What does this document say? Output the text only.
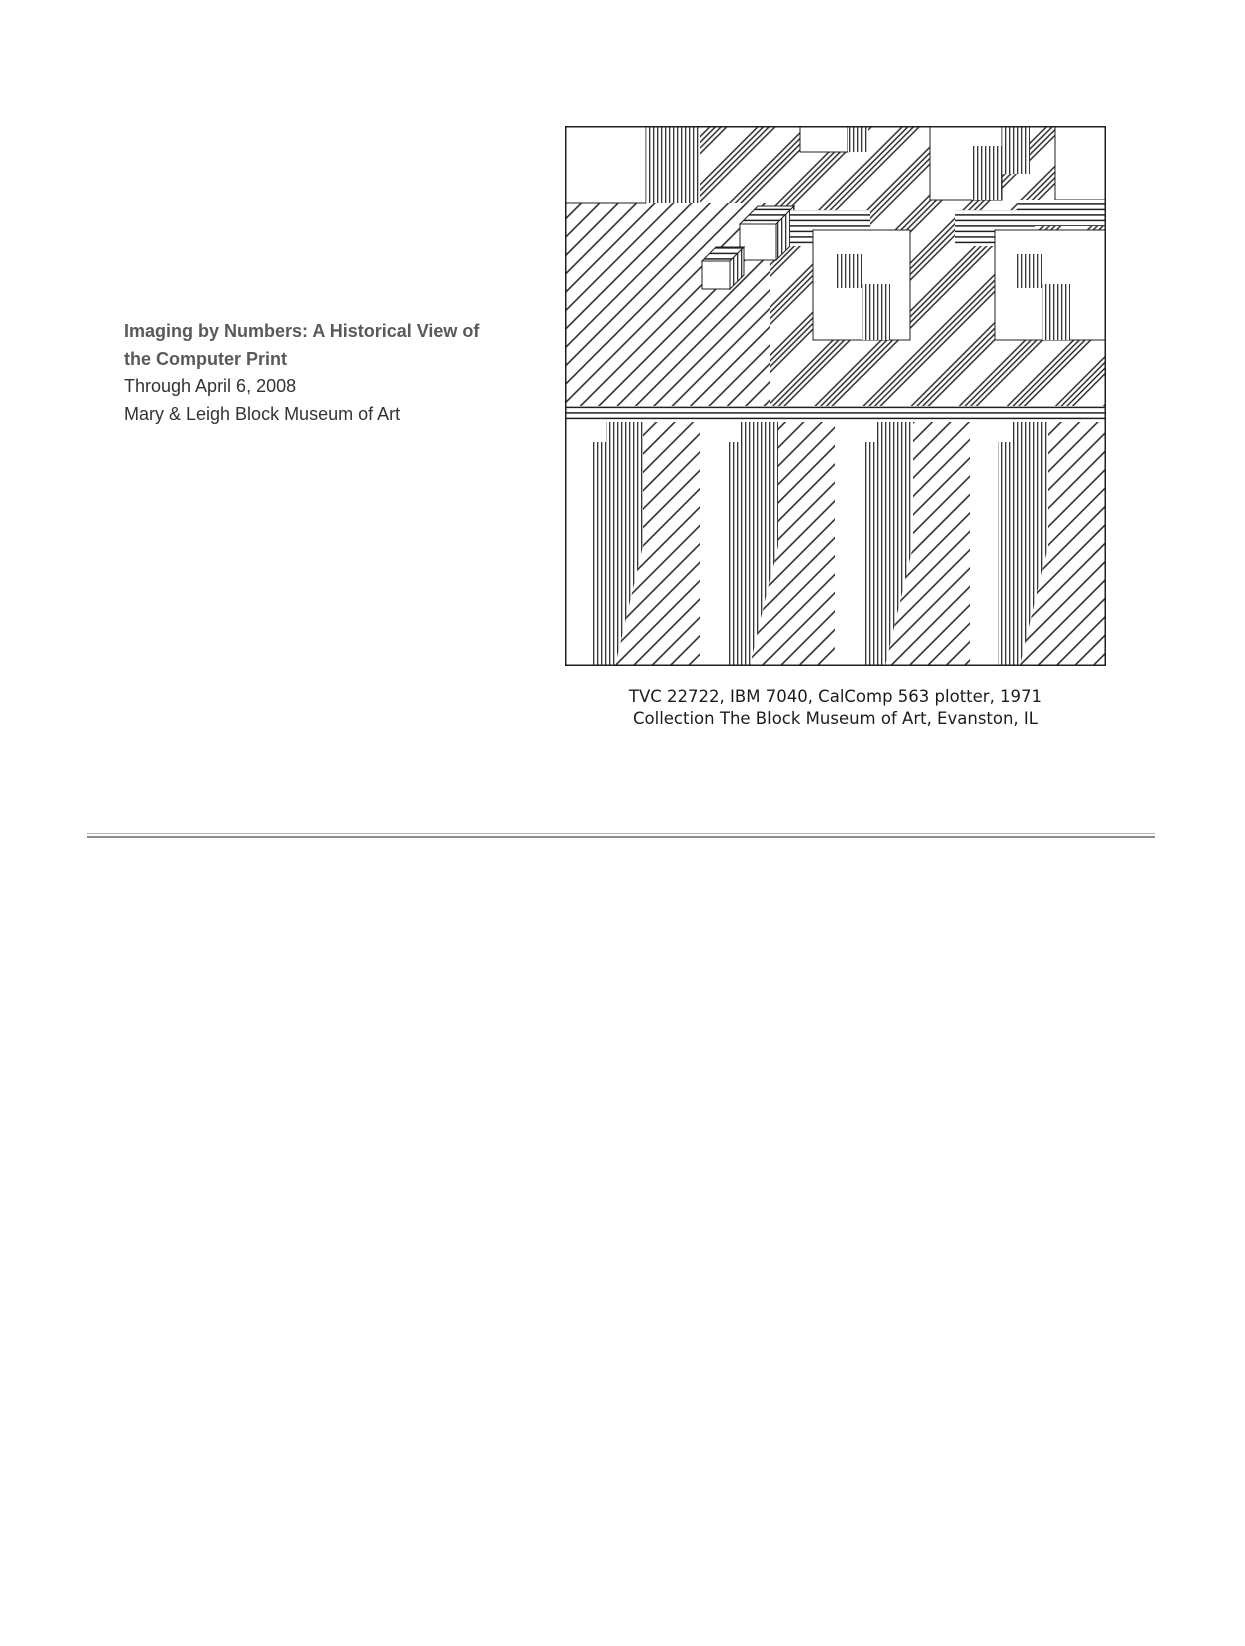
Imaging by Numbers: A Historical View of
the Computer Print
Through April 6, 2008
Mary & Leigh Block Museum of Art
TVC 22722, IBM 7040, CalComp 563 plotter, 1971
Collection The Block Museum of Art, Evanston, IL
